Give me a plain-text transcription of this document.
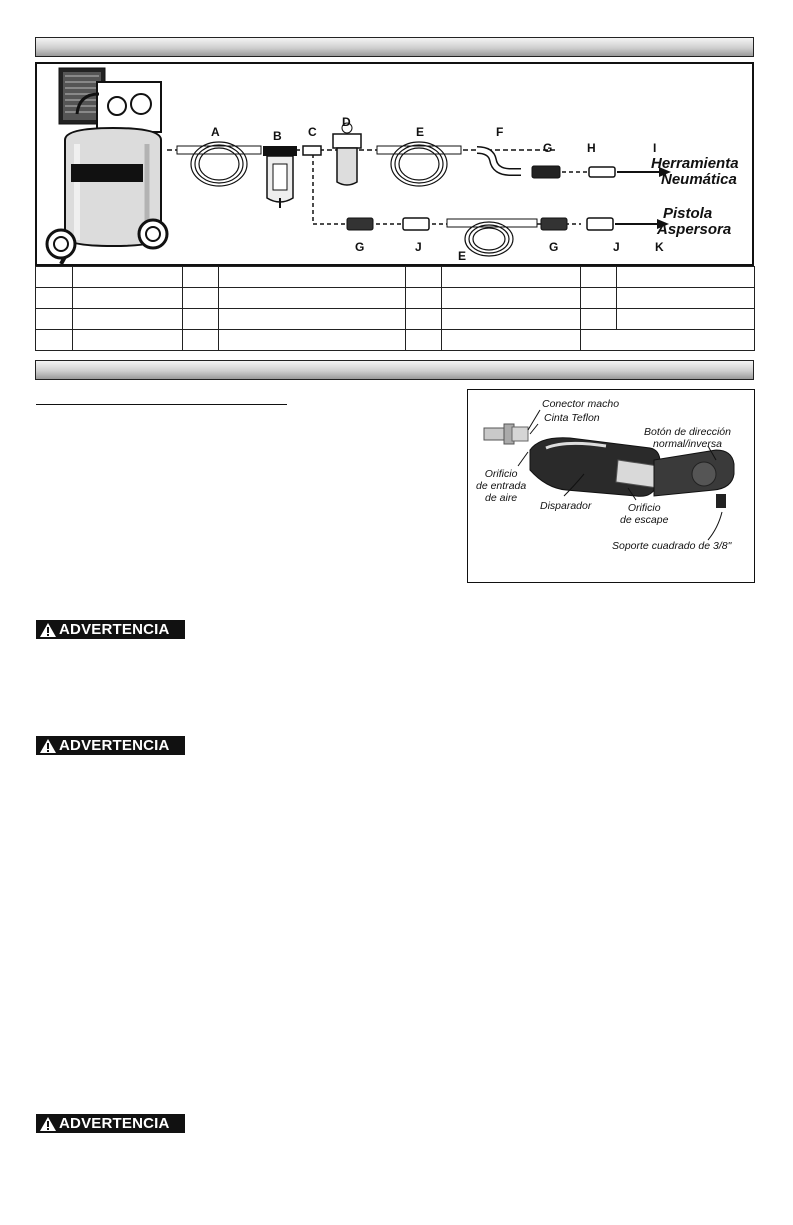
A	B C
D
E	F
G	H	I
G	J
E
G	J	K
Herramienta
Neumática
Pistola
Aspersora

Conector macho
Cinta Teflon
Botón de dirección
normal/inversa
Orificio
de entrada
de aire
Disparador	Orificio
de escape
Soporte cuadrado de 3/8"
ADVERTENCIA
ADVERTENCIA
ADVERTENCIA
